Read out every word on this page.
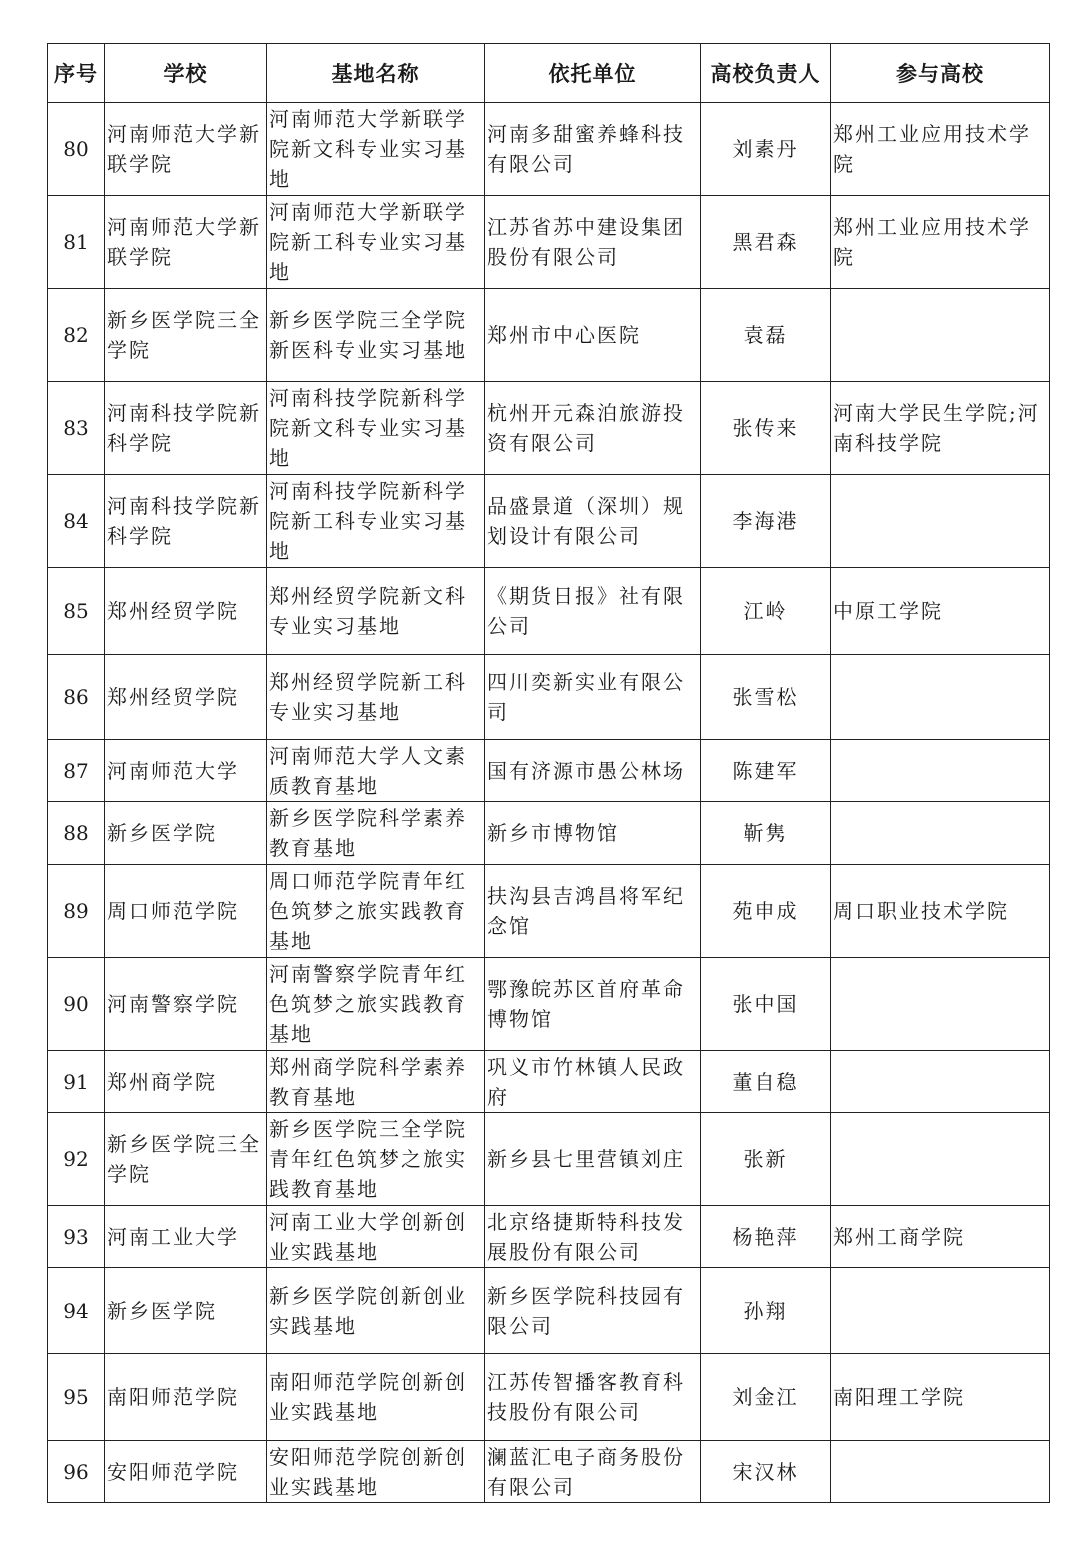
序号	学校	基地名称	依托单位	高校负责人	参与高校
80	河南师范大学新联学院	河南师范大学新联学院新文科专业实习基地	河南多甜蜜养蜂科技有限公司	刘素丹	郑州工业应用技术学院
81	河南师范大学新联学院	河南师范大学新联学院新工科专业实习基地	江苏省苏中建设集团股份有限公司	黑君森	郑州工业应用技术学院
82	新乡医学院三全学院	新乡医学院三全学院新医科专业实习基地	郑州市中心医院	袁磊	
83	河南科技学院新科学院	河南科技学院新科学院新文科专业实习基地	杭州开元森泊旅游投资有限公司	张传来	河南大学民生学院;河南科技学院
84	河南科技学院新科学院	河南科技学院新科学院新工科专业实习基地	品盛景道（深圳）规划设计有限公司	李海港	
85	郑州经贸学院	郑州经贸学院新文科专业实习基地	《期货日报》社有限公司	江岭	中原工学院
86	郑州经贸学院	郑州经贸学院新工科专业实习基地	四川奕新实业有限公司	张雪松	
87	河南师范大学	河南师范大学人文素质教育基地	国有济源市愚公林场	陈建军	
88	新乡医学院	新乡医学院科学素养教育基地	新乡市博物馆	靳隽	
89	周口师范学院	周口师范学院青年红色筑梦之旅实践教育基地	扶沟县吉鸿昌将军纪念馆	苑申成	周口职业技术学院
90	河南警察学院	河南警察学院青年红色筑梦之旅实践教育基地	鄂豫皖苏区首府革命博物馆	张中国	
91	郑州商学院	郑州商学院科学素养教育基地	巩义市竹林镇人民政府	董自稳	
92	新乡医学院三全学院	新乡医学院三全学院青年红色筑梦之旅实践教育基地	新乡县七里营镇刘庄	张新	
93	河南工业大学	河南工业大学创新创业实践基地	北京络捷斯特科技发展股份有限公司	杨艳萍	郑州工商学院
94	新乡医学院	新乡医学院创新创业实践基地	新乡医学院科技园有限公司	孙翔	
95	南阳师范学院	南阳师范学院创新创业实践基地	江苏传智播客教育科技股份有限公司	刘金江	南阳理工学院
96	安阳师范学院	安阳师范学院创新创业实践基地	澜蓝汇电子商务股份有限公司	宋汉林	
